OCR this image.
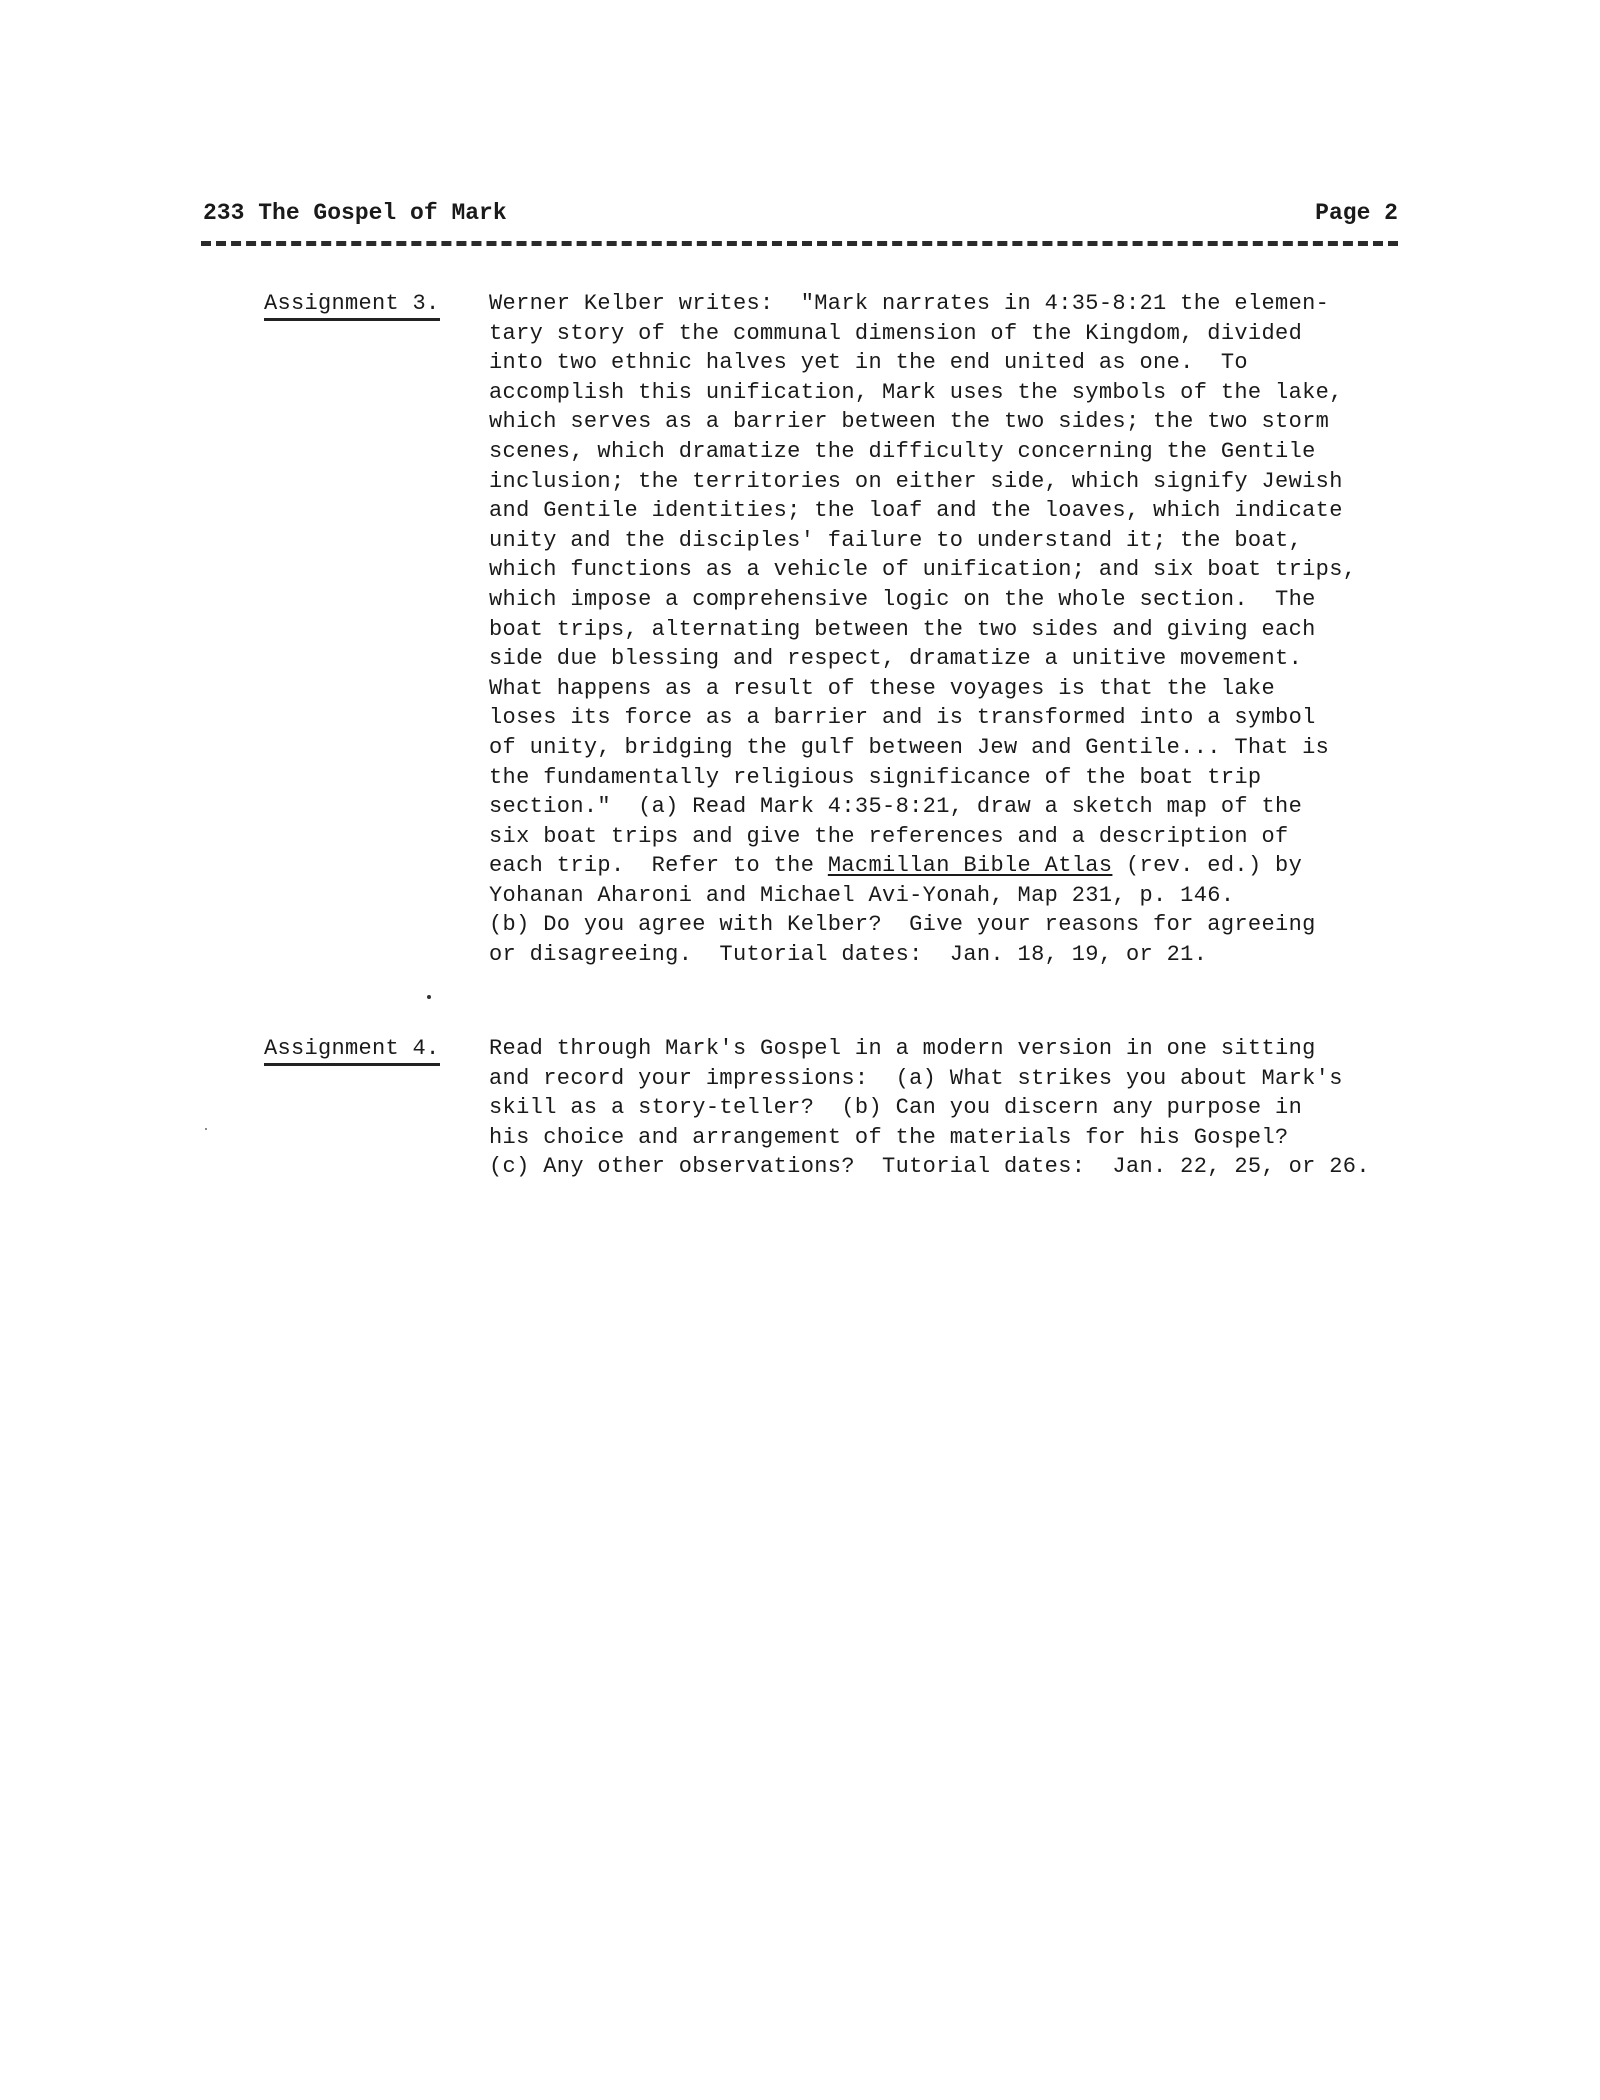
233 The Gospel of Mark	Page 2
Assignment 3. Werner Kelber writes:  "Mark narrates in 4:35-8:21 the elemen-
tary story of the communal dimension of the Kingdom, divided
into two ethnic halves yet in the end united as one.  To
accomplish this unification, Mark uses the symbols of the lake,
which serves as a barrier between the two sides; the two storm
scenes, which dramatize the difficulty concerning the Gentile
inclusion; the territories on either side, which signify Jewish
and Gentile identities; the loaf and the loaves, which indicate
unity and the disciples' failure to understand it; the boat,
which functions as a vehicle of unification; and six boat trips,
which impose a comprehensive logic on the whole section.  The
boat trips, alternating between the two sides and giving each
side due blessing and respect, dramatize a unitive movement.
What happens as a result of these voyages is that the lake
loses its force as a barrier and is transformed into a symbol
of unity, bridging the gulf between Jew and Gentile... That is
the fundamentally religious significance of the boat trip
section."  (a) Read Mark 4:35-8:21, draw a sketch map of the
six boat trips and give the references and a description of
each trip.  Refer to the Macmillan Bible Atlas (rev. ed.) by
Yohanan Aharoni and Michael Avi-Yonah, Map 231, p. 146.
(b) Do you agree with Kelber?  Give your reasons for agreeing
or disagreeing.  Tutorial dates:  Jan. 18, 19, or 21.
Assignment 4. Read through Mark's Gospel in a modern version in one sitting
and record your impressions:  (a) What strikes you about Mark's
skill as a story-teller?  (b) Can you discern any purpose in
his choice and arrangement of the materials for his Gospel?
(c) Any other observations?  Tutorial dates:  Jan. 22, 25, or 26.
